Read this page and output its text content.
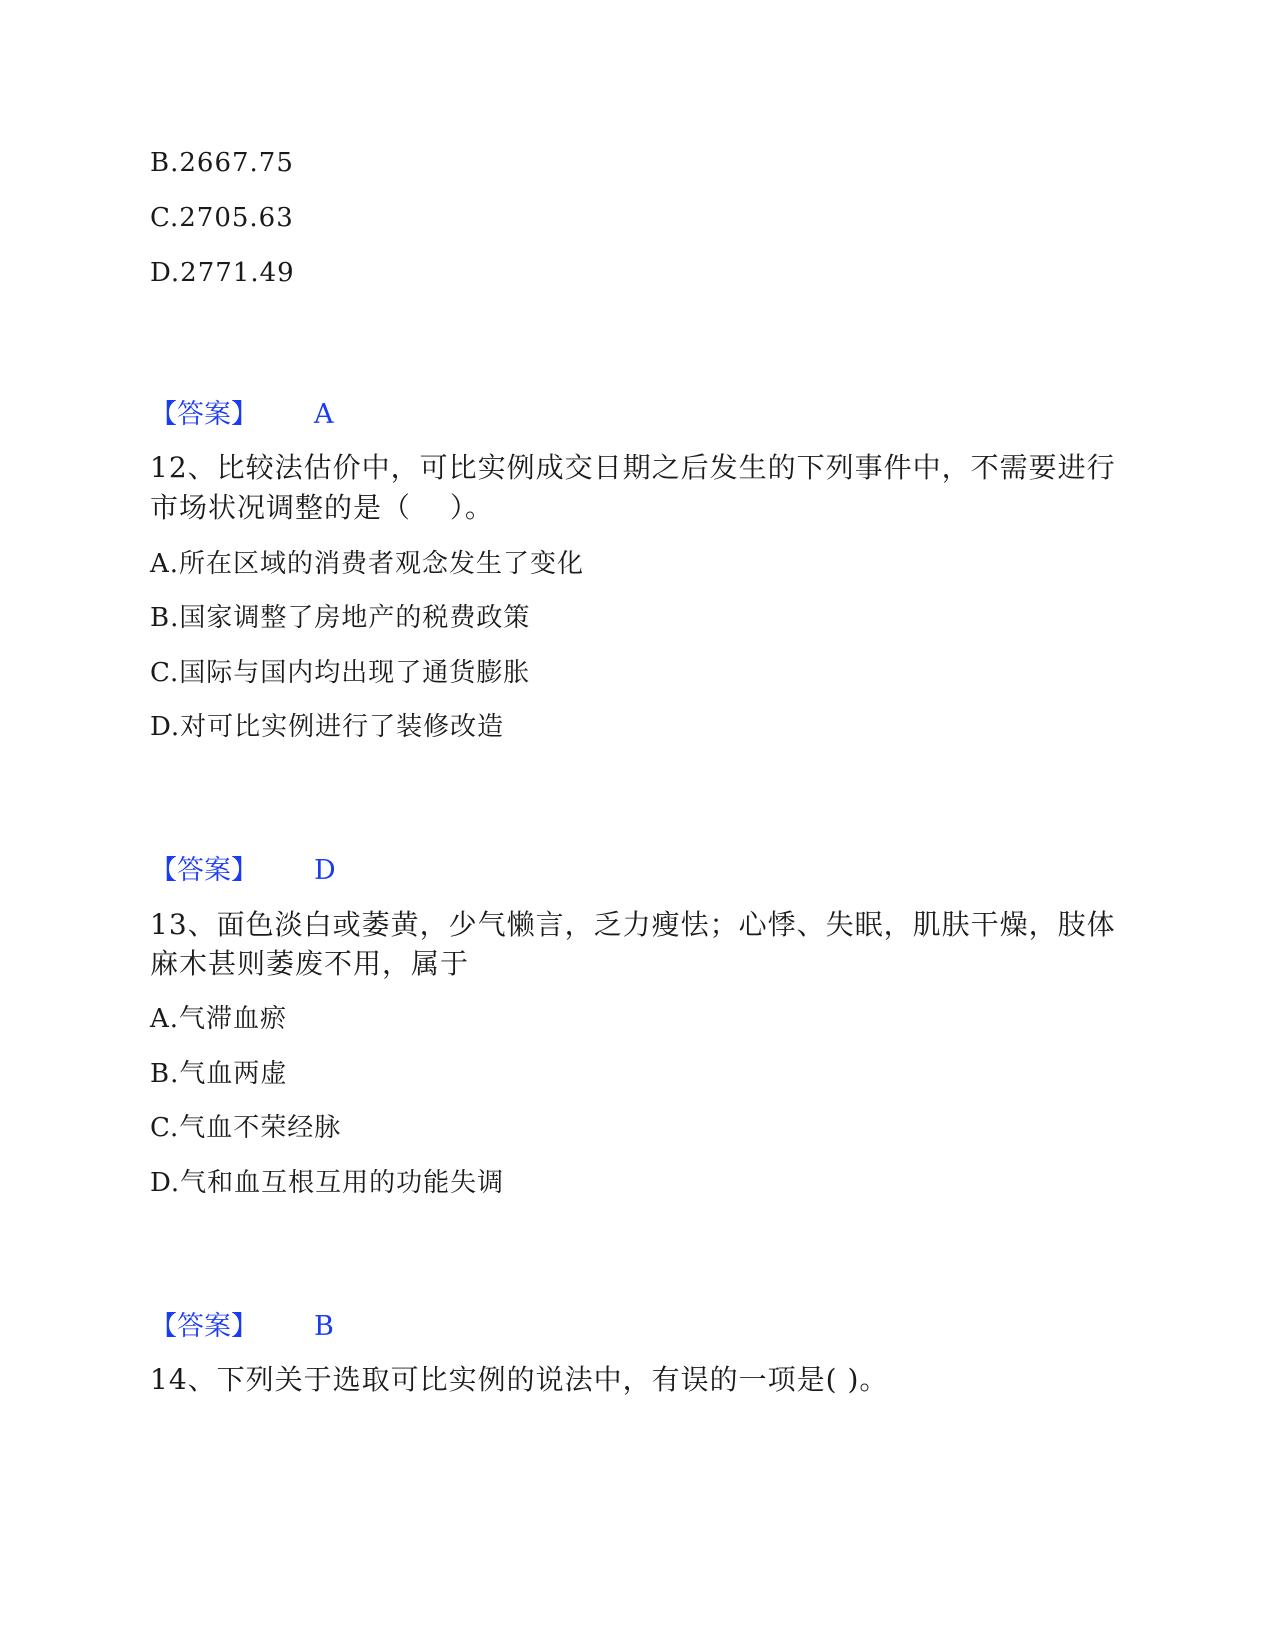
B.2667.75
C.2705.63
D.2771.49
【答案】 A
12、比较法估价中，可比实例成交日期之后发生的下列事件中，不需要进行
市场状况调整的是（　 ）。
A.所在区域的消费者观念发生了变化
B.国家调整了房地产的税费政策
C.国际与国内均出现了通货膨胀
D.对可比实例进行了装修改造
【答案】 D
13、面色淡白或萎黄，少气懒言，乏力瘦怯；心悸、失眠，肌肤干燥，肢体
麻木甚则萎废不用，属于
A.气滞血瘀
B.气血两虚
C.气血不荣经脉
D.气和血互根互用的功能失调
【答案】 B
14、下列关于选取可比实例的说法中，有误的一项是( )。
